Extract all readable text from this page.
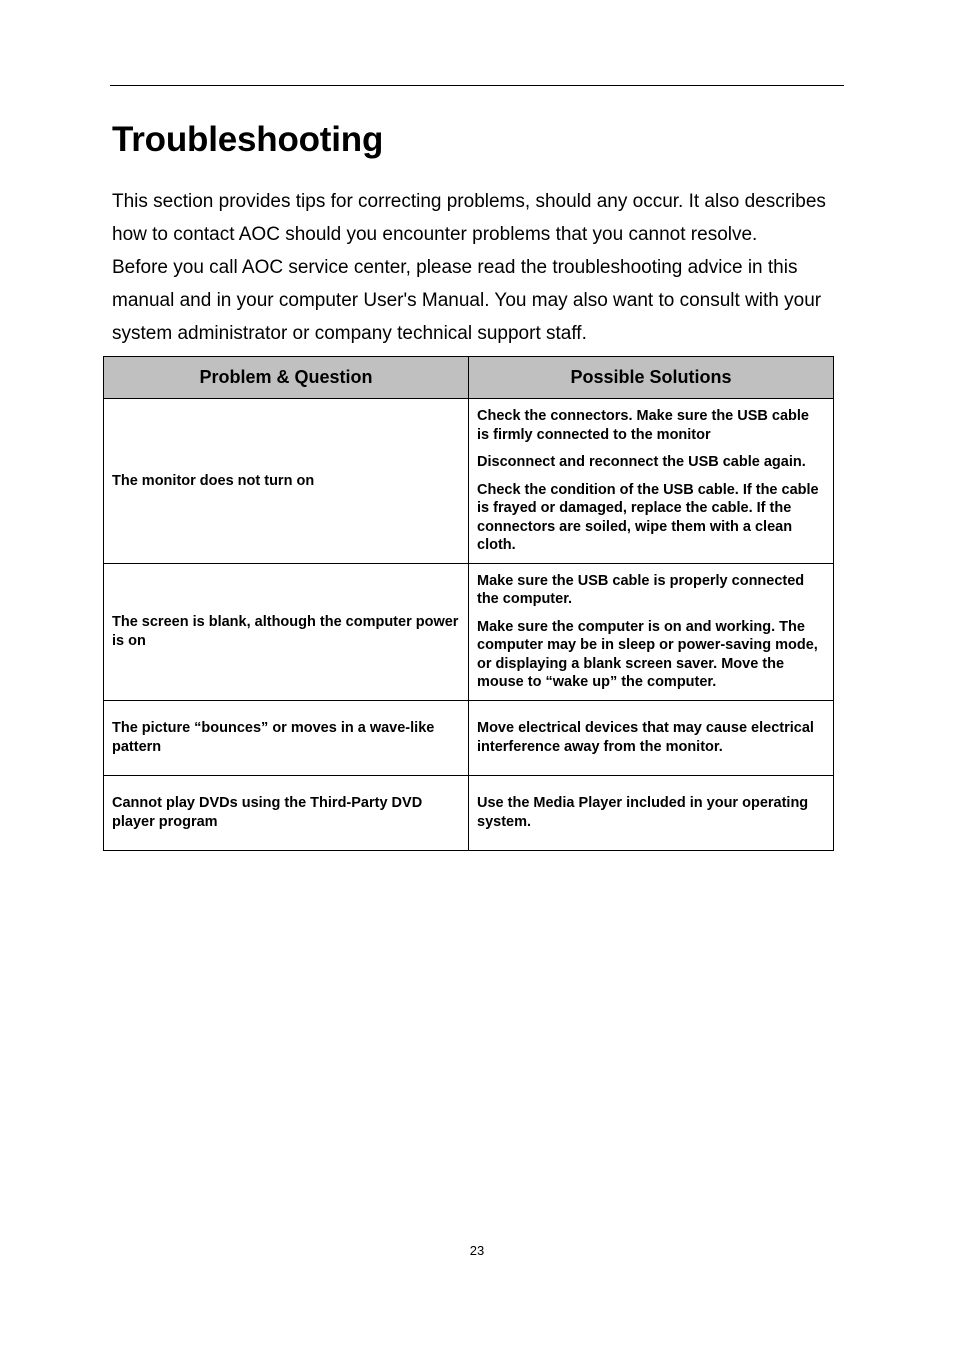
Troubleshooting

This section provides tips for correcting problems, should any occur. It also describes how to contact AOC should you encounter problems that you cannot resolve.

Before you call AOC service center, please read the troubleshooting advice in this manual and in your computer User's Manual. You may also want to consult with your system administrator or company technical support staff.

Problem & Question	Possible Solutions
The monitor does not turn on	Check the connectors. Make sure the USB cable is firmly connected to the monitor

Disconnect and reconnect the USB cable again.

Check the condition of the USB cable. If the cable is frayed or damaged, replace the cable. If the connectors are soiled, wipe them with a clean cloth.

The screen is blank, although the computer power is on	Make sure the USB cable is properly connected the computer.

Make sure the computer is on and working. The computer may be in sleep or power-saving mode, or displaying a blank screen saver. Move the mouse to “wake up” the computer.

The picture “bounces” or moves in a wave-like pattern	Move electrical devices that may cause electrical interference away from the monitor.

Cannot play DVDs using the Third-Party DVD player program	Use the Media Player included in your operating system.

23
